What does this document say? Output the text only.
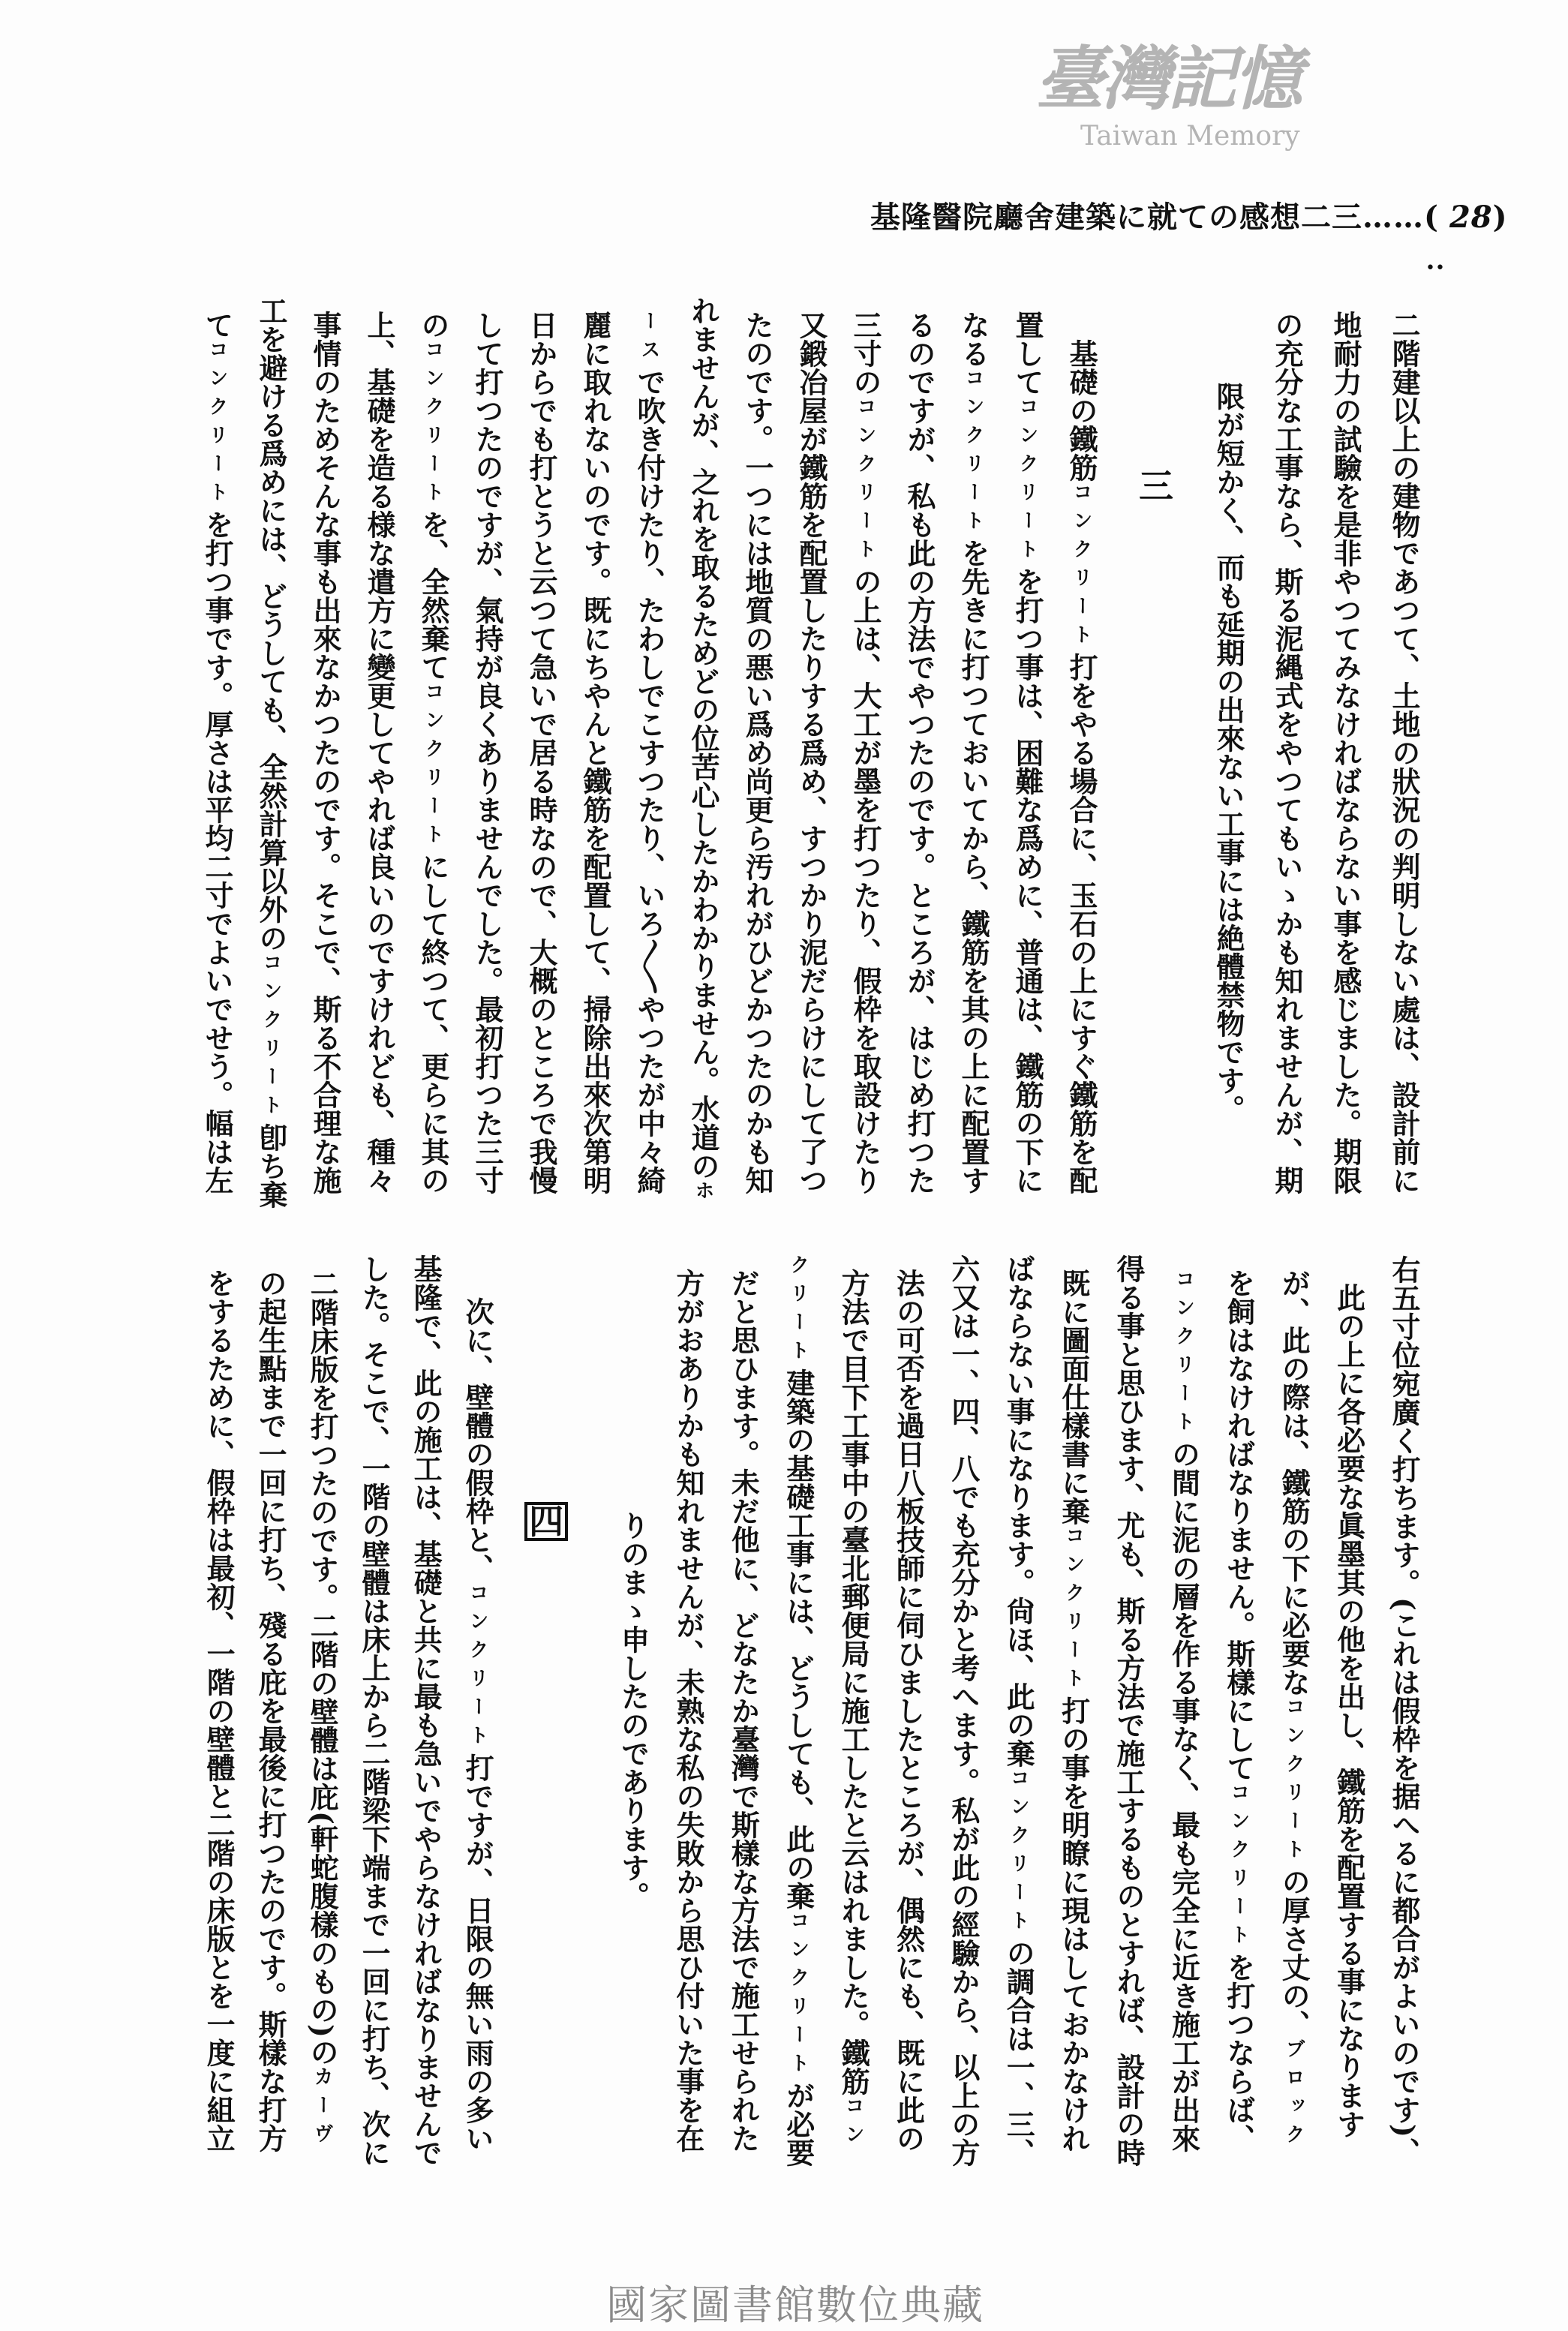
基隆醫院廳舍建築に就ての感想二三……( 28)
••
二階建以上の建物であつて、土地の狀況の判明しない處は、設計前に
地耐力の試驗を是非やつてみなければならない事を感じました。期限
の充分な工事なら、斯る泥縄式をやつてもいゝかも知れませんが、期
限が短かく、而も延期の出來ない工事には絶體禁物です。
三
　基礎の鐵筋コンクリート打をやる場合に、玉石の上にすぐ鐵筋を配
置してコンクリートを打つ事は、困難な爲めに、普通は、鐵筋の下に
なるコンクリートを先きに打つておいてから、鐵筋を其の上に配置す
るのですが、私も此の方法でやつたのです。ところが、はじめ打つた
三寸のコンクリートの上は、大工が墨を打つたり、假枠を取設けたり
又鍛冶屋が鐵筋を配置したりする爲め、すつかり泥だらけにして了つ
たのです。一つには地質の悪い爲め尚更ら汚れがひどかつたのかも知
れませんが、之れを取るためどの位苦心したかわかりません。水道のホ
ースで吹き付けたり、たわしでこすつたり、いろ〳〵やつたが中々綺
麗に取れないのです。既にちやんと鐵筋を配置して、掃除出來次第明
日からでも打とうと云つて急いで居る時なので、大概のところで我慢
して打つたのですが、氣持が良くありませんでした。最初打つた三寸
のコンクリートを、全然棄てコンクリートにして終つて、更らに其の
上、基礎を造る様な遣方に變更してやれば良いのですけれども、種々
事情のためそんな事も出來なかつたのです。そこで、斯る不合理な施
工を避ける爲めには、どうしても、全然計算以外のコンクリート卽ち棄
てコンクリートを打つ事です。厚さは平均二寸でよいでせう。幅は左
右五寸位宛廣く打ちます。(これは假枠を据へるに都合がよいのです)、
此の上に各必要な眞墨其の他を出し、鐵筋を配置する事になります
が、此の際は、鐵筋の下に必要なコンクリートの厚さ丈の、ブロック
を飼はなければなりません。斯樣にしてコンクリートを打つならば、
コンクリートの間に泥の層を作る事なく、最も完全に近き施工が出來
得る事と思ひます、尤も、斯る方法で施工するものとすれば、設計の時
既に圖面仕樣書に棄コンクリート打の事を明瞭に現はしておかなけれ
ばならない事になります。尙ほ、此の棄コンクリートの調合は一、三、
六又は一、四、八でも充分かと考へます。私が此の經驗から、以上の方
法の可否を過日八板技師に伺ひましたところが、偶然にも、既に此の
方法で目下工事中の臺北郵便局に施工したと云はれました。鐵筋コン
クリート建築の基礎工事には、どうしても、此の棄コンクリートが必要
だと思ひます。未だ他に、どなたか臺灣で斯樣な方法で施工せられた
方がおありかも知れませんが、未熟な私の失敗から思ひ付いた事を在
りのまゝ申したのであります。
四
　次に、壁體の假枠と、コンクリート打ですが、日限の無い雨の多い
基隆で、此の施工は、基礎と共に最も急いでやらなければなりませんで
した。そこで、一階の壁體は床上から二階梁下端まで一回に打ち、次に
二階床版を打つたのです。二階の壁體は庇(軒蛇腹樣のもの)のカーヴ
の起生點まで一回に打ち、殘る庇を最後に打つたのです。斯樣な打方
をするために、假枠は最初、一階の壁體と二階の床版とを一度に組立
臺灣記憶
Taiwan Memory
國家圖書館數位典藏
